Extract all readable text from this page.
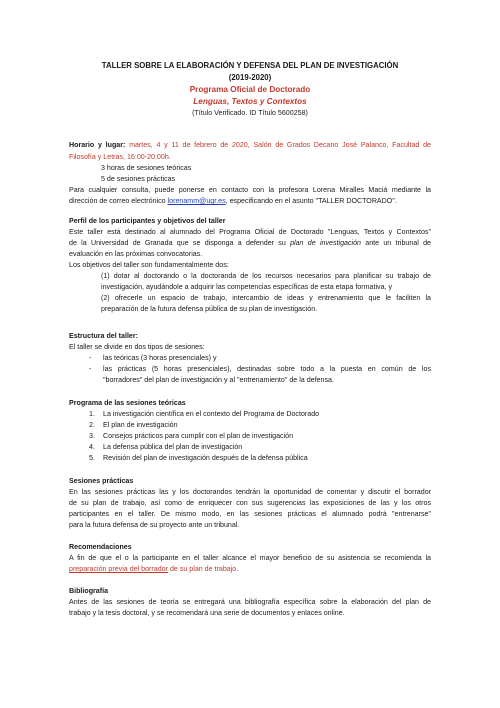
TALLER SOBRE LA ELABORACIÓN Y DEFENSA DEL PLAN DE INVESTIGACIÓN
(2019-2020)
Programa Oficial de Doctorado
Lenguas, Textos y Contextos
(Título Verificado. ID Título 5600258)
Horario y lugar: martes, 4 y 11 de febrero de 2020, Salón de Grados Decano José Palanco, Facultad de
Filosofía y Letras, 16:00-20:00h.
3 horas de sesiones teóricas
5 de sesiones prácticas
Para cualquier consulta, puede ponerse en contacto con la profesora Lorena Miralles Maciá mediante la
dirección de correo electrónico lorenamm@ugr.es, especificando en el asunto "TALLER DOCTORADO".
Perfil de los participantes y objetivos del taller
Este taller está destinado al alumnado del Programa Oficial de Doctorado "Lenguas, Textos y Contextos"
de la Universidad de Granada que se disponga a defender su plan de investigación ante un tribunal de
evaluación en las próximas convocatorias.
Los objetivos del taller son fundamentalmente dos:
(1) dotar al doctorando o la doctoranda de los recursos necesarios para planificar su trabajo de
investigación, ayudándole a adquirir las competencias específicas de esta etapa formativa, y
(2) ofrecerle un espacio de trabajo, intercambio de ideas y entrenamiento que le faciliten la
preparación de la futura defensa pública de su plan de investigación.
Estructura del taller:
El taller se divide en dos tipos de sesiones:
- las teóricas (3 horas presenciales) y
- las prácticas (5 horas presenciales), destinadas sobre todo a la puesta en común de los
"borradores" del plan de investigación y al "entrenamiento" de la defensa.
Programa de las sesiones teóricas
1. La investigación científica en el contexto del Programa de Doctorado
2. El plan de investigación
3. Consejos prácticos para cumplir con el plan de investigación
4. La defensa pública del plan de investigación
5. Revisión del plan de investigación después de la defensa pública
Sesiones prácticas
En las sesiones prácticas las y los doctorandos tendrán la oportunidad de comentar y discutir el borrador
de su plan de trabajo, así como de enriquecer con sus sugerencias las exposiciones de las y los otros
participantes en el taller. De mismo modo, en las sesiones prácticas el alumnado podrá "entrenarse"
para la futura defensa de su proyecto ante un tribunal.
Recomendaciones
A fin de que el o la participante en el taller alcance el mayor beneficio de su asistencia se recomienda la
preparación previa del borrador de su plan de trabajo.
Bibliografía
Antes de las sesiones de teoría se entregará una bibliografía específica sobre la elaboración del plan de
trabajo y la tesis doctoral, y se recomendará una serie de documentos y enlaces online.
